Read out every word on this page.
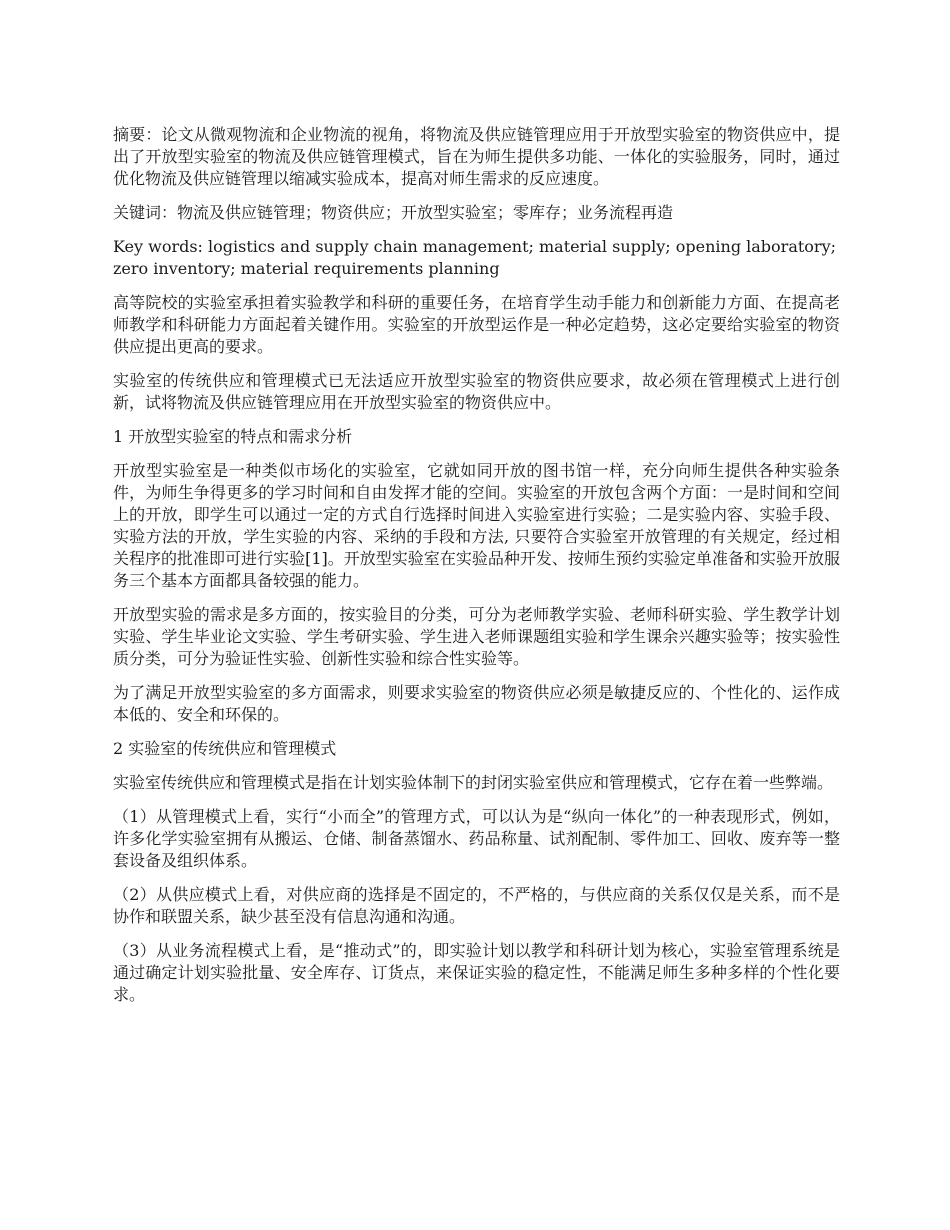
摘要：论文从微观物流和企业物流的视角，将物流及供应链管理应用于开放型实验室的物资供应中，提出了开放型实验室的物流及供应链管理模式，旨在为师生提供多功能、一体化的实验服务，同时，通过优化物流及供应链管理以缩减实验成本，提高对师生需求的反应速度。

关键词：物流及供应链管理；物资供应；开放型实验室；零库存；业务流程再造

Key words: logistics and supply chain management; material supply; opening laboratory; zero inventory; material requirements planning

高等院校的实验室承担着实验教学和科研的重要任务，在培育学生动手能力和创新能力方面、在提高老师教学和科研能力方面起着关键作用。实验室的开放型运作是一种必定趋势，这必定要给实验室的物资供应提出更高的要求。

实验室的传统供应和管理模式已无法适应开放型实验室的物资供应要求，故必须在管理模式上进行创新，试将物流及供应链管理应用在开放型实验室的物资供应中。

1 开放型实验室的特点和需求分析

开放型实验室是一种类似市场化的实验室，它就如同开放的图书馆一样，充分向师生提供各种实验条件，为师生争得更多的学习时间和自由发挥才能的空间。实验室的开放包含两个方面：一是时间和空间上的开放，即学生可以通过一定的方式自行选择时间进入实验室进行实验；二是实验内容、实验手段、实验方法的开放，学生实验的内容、采纳的手段和方法, 只要符合实验室开放管理的有关规定，经过相关程序的批准即可进行实验[1]。开放型实验室在实验品种开发、按师生预约实验定单准备和实验开放服务三个基本方面都具备较强的能力。

开放型实验的需求是多方面的，按实验目的分类，可分为老师教学实验、老师科研实验、学生教学计划实验、学生毕业论文实验、学生考研实验、学生进入老师课题组实验和学生课余兴趣实验等；按实验性质分类，可分为验证性实验、创新性实验和综合性实验等。

为了满足开放型实验室的多方面需求，则要求实验室的物资供应必须是敏捷反应的、个性化的、运作成本低的、安全和环保的。

2 实验室的传统供应和管理模式

实验室传统供应和管理模式是指在计划实验体制下的封闭实验室供应和管理模式，它存在着一些弊端。

（1）从管理模式上看，实行“小而全”的管理方式，可以认为是“纵向一体化”的一种表现形式，例如，许多化学实验室拥有从搬运、仓储、制备蒸馏水、药品称量、试剂配制、零件加工、回收、废弃等一整套设备及组织体系。

（2）从供应模式上看，对供应商的选择是不固定的，不严格的，与供应商的关系仅仅是关系，而不是协作和联盟关系，缺少甚至没有信息沟通和沟通。

（3）从业务流程模式上看，是“推动式”的，即实验计划以教学和科研计划为核心，实验室管理系统是通过确定计划实验批量、安全库存、订货点，来保证实验的稳定性，不能满足师生多种多样的个性化要求。
